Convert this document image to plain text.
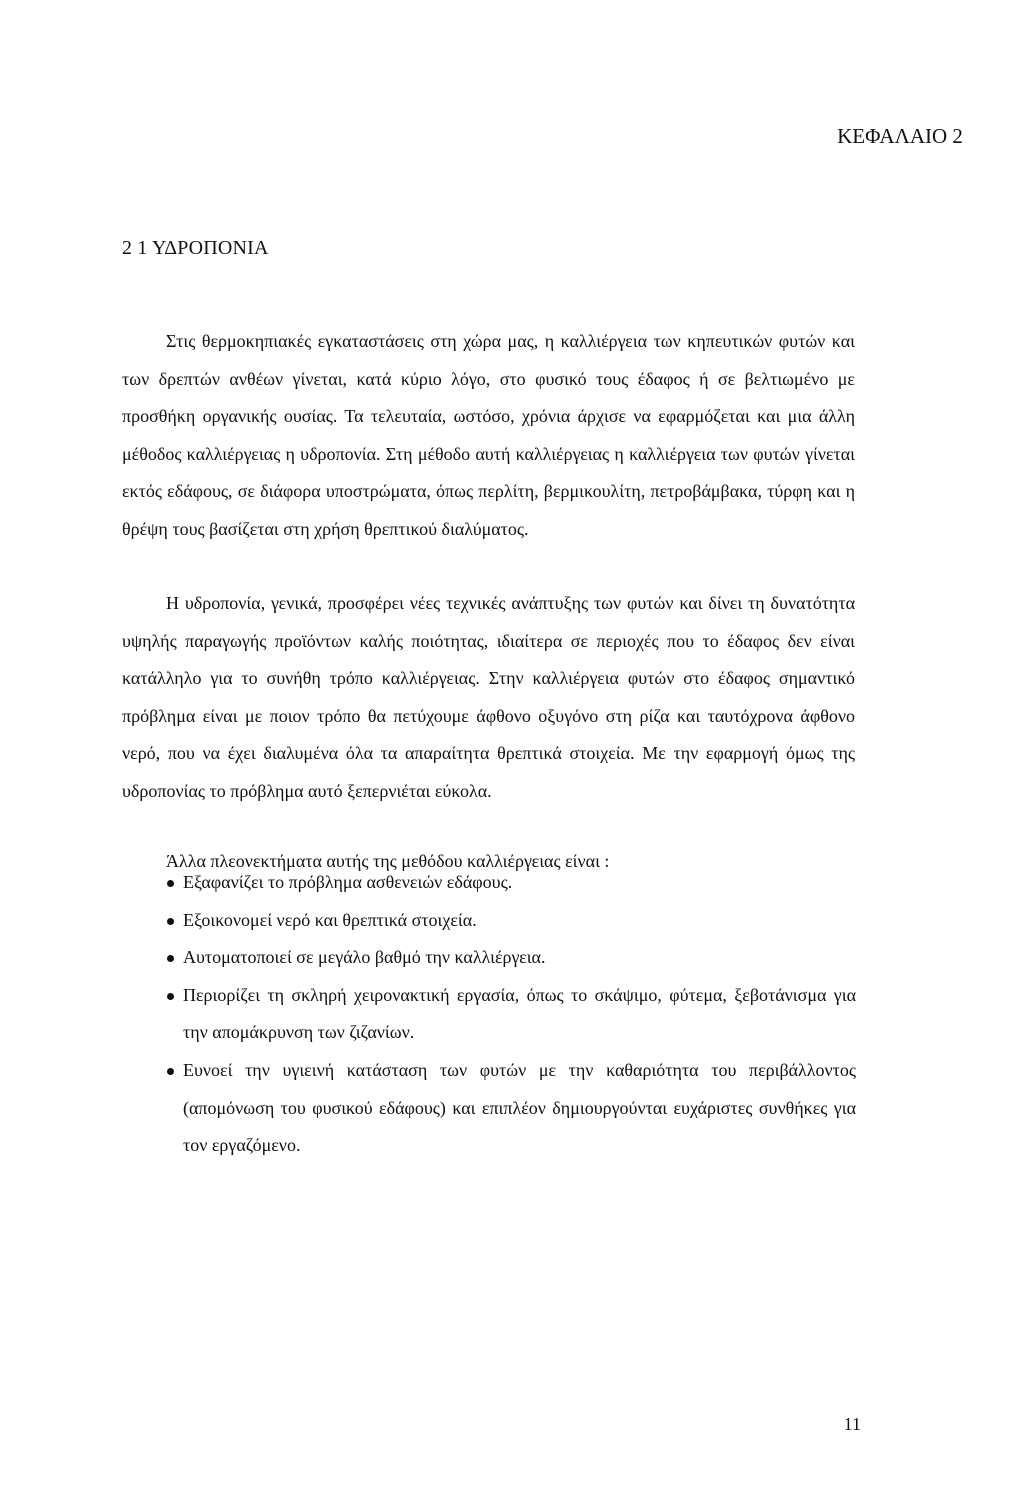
ΚΕΦΑΛΑΙΟ 2
2 1 ΥΔΡΟΠΟΝΙΑ

Στις θερμοκηπιακές εγκαταστάσεις στη χώρα μας, η καλλιέργεια των κηπευτικών φυτών και των δρεπτών ανθέων γίνεται, κατά κύριο λόγο, στο φυσικό τους έδαφος ή σε βελτιωμένο με προσθήκη οργανικής ουσίας. Τα τελευταία, ωστόσο, χρόνια άρχισε να εφαρμόζεται και μια άλλη μέθοδος καλλιέργειας η υδροπονία. Στη μέθοδο αυτή καλλιέργειας η καλλιέργεια των φυτών γίνεται εκτός εδάφους, σε διάφορα υποστρώματα, όπως περλίτη, βερμικουλίτη, πετροβάμβακα, τύρφη και η θρέψη τους βασίζεται στη χρήση θρεπτικού διαλύματος.

Η υδροπονία, γενικά, προσφέρει νέες τεχνικές ανάπτυξης των φυτών και δίνει τη δυνατότητα υψηλής παραγωγής προϊόντων καλής ποιότητας, ιδιαίτερα σε περιοχές που το έδαφος δεν είναι κατάλληλο για το συνήθη τρόπο καλλιέργειας. Στην καλλιέργεια φυτών στο έδαφος σημαντικό πρόβλημα είναι με ποιον τρόπο θα πετύχουμε άφθονο οξυγόνο στη ρίζα και ταυτόχρονα άφθονο νερό, που να έχει διαλυμένα όλα τα απαραίτητα θρεπτικά στοιχεία. Με την εφαρμογή όμως της υδροπονίας το πρόβλημα αυτό ξεπερνιέται εύκολα.

Άλλα πλεονεκτήματα αυτής της μεθόδου καλλιέργειας είναι :

Εξαφανίζει το πρόβλημα ασθενειών εδάφους.
Εξοικονομεί νερό και θρεπτικά στοιχεία.
Αυτοματοποιεί σε μεγάλο βαθμό την καλλιέργεια.
Περιορίζει τη σκληρή χειρονακτική εργασία, όπως το σκάψιμο, φύτεμα, ξεβοτάνισμα για την απομάκρυνση των ζιζανίων.
Ευνοεί την υγιεινή κατάσταση των φυτών με την καθαριότητα του περιβάλλοντος (απομόνωση του φυσικού εδάφους) και επιπλέον δημιουργούνται ευχάριστες συνθήκες για τον εργαζόμενο.
11
